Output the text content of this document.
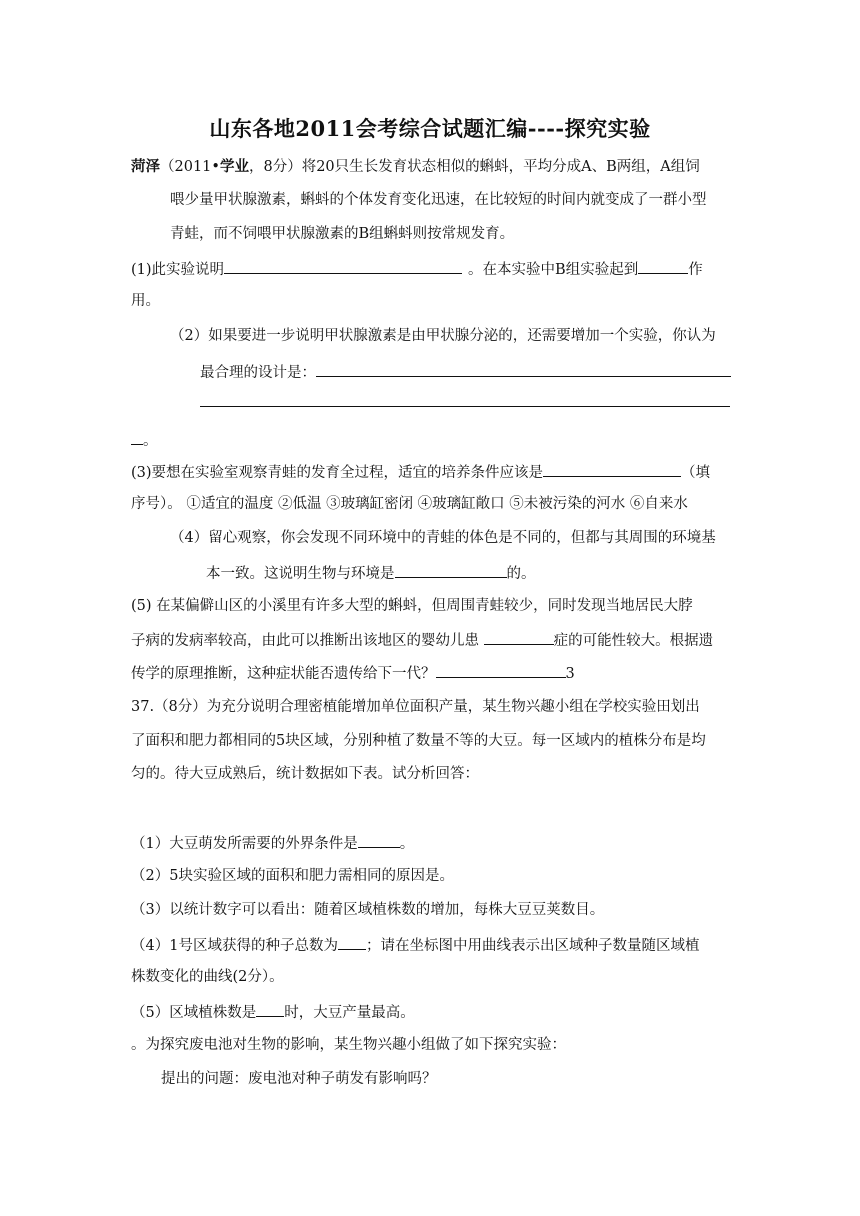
山东各地2011会考综合试题汇编----探究实验
菏泽（2011•学业，8分）将20只生长发育状态相似的蝌蚪，平均分成A、B两组，A组饲
喂少量甲状腺激素，蝌蚪的个体发育变化迅速，在比较短的时间内就变成了一群小型
青蛙，而不饲喂甲状腺激素的B组蝌蚪则按常规发育。
(1)此实验说明	。在本实验中B组实验起到	作
用。
（2）如果要进一步说明甲状腺激素是由甲状腺分泌的，还需要增加一个实验，你认为
最合理的设计是：
。
(3)要想在实验室观察青蛙的发育全过程，适宜的培养条件应该是	（填
序号）。 ①适宜的温度 ②低温 ③玻璃缸密闭 ④玻璃缸敞口 ⑤未被污染的河水 ⑥自来水
（4）留心观察，你会发现不同环境中的青蛙的体色是不同的，但都与其周围的环境基
本一致。这说明生物与环境是	的。
(5) 在某偏僻山区的小溪里有许多大型的蝌蚪，但周围青蛙较少，同时发现当地居民大脖
子病的发病率较高，由此可以推断出该地区的婴幼儿患	症的可能性较大。根据遗
传学的原理推断，这种症状能否遗传给下一代？	3
37.（8分）为充分说明合理密植能增加单位面积产量，某生物兴趣小组在学校实验田划出
了面积和肥力都相同的5块区域，分别种植了数量不等的大豆。每一区域内的植株分布是均
匀的。待大豆成熟后，统计数据如下表。试分析回答：
（1）大豆萌发所需要的外界条件是	。
（2）5块实验区域的面积和肥力需相同的原因是。
（3）以统计数字可以看出：随着区域植株数的增加，每株大豆豆荚数目。
（4）1号区域获得的种子总数为 ；请在坐标图中用曲线表示出区域种子数量随区域植
株数变化的曲线(2分）。
（5）区域植株数是 时，大豆产量最高。
。为探究废电池对生物的影响，某生物兴趣小组做了如下探究实验：
提出的问题：废电池对种子萌发有影响吗？
